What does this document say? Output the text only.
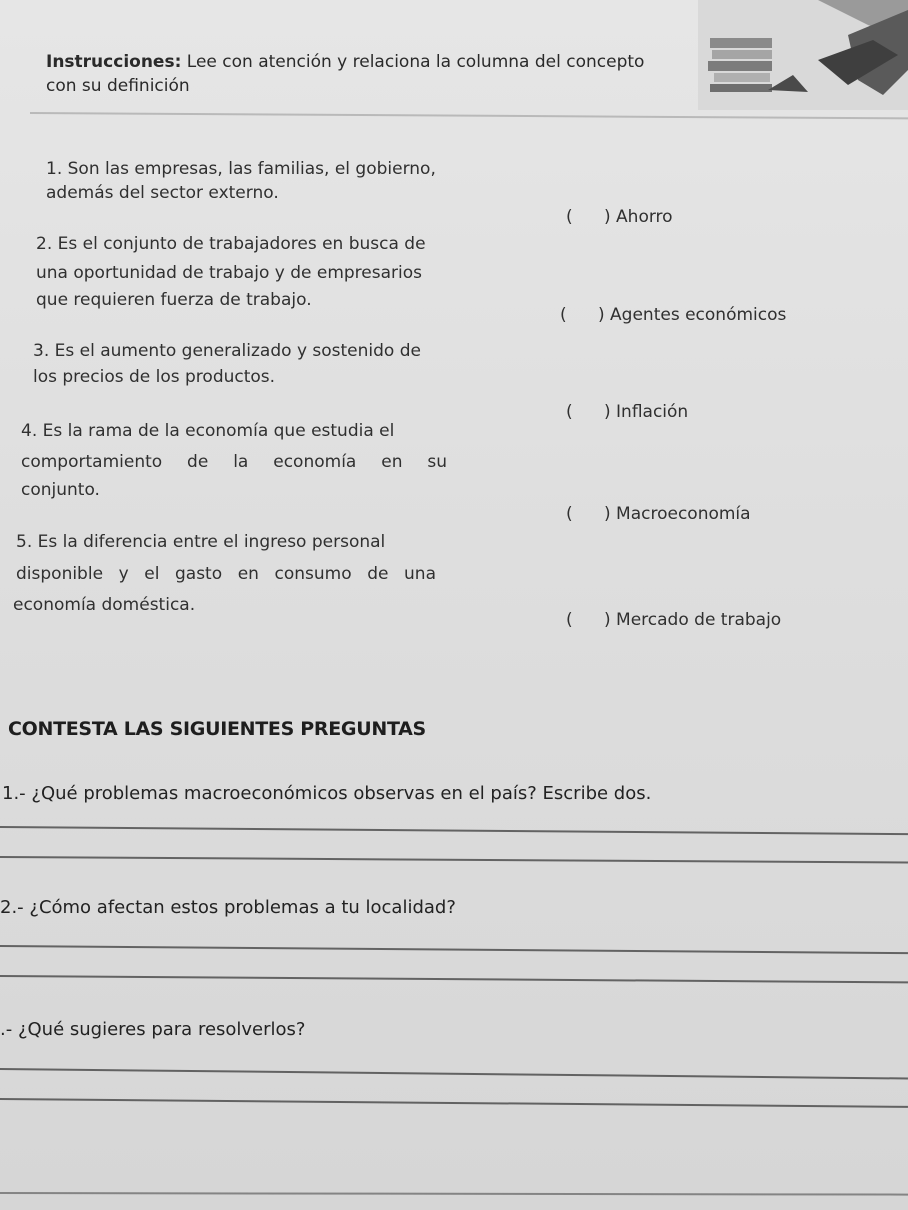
Instrucciones: Lee con atención y relaciona la columna del concepto
con su definición

1. Son las empresas, las familias, el gobierno,

además del sector externo.

2. Es el conjunto de trabajadores en busca de

una oportunidad de trabajo y de empresarios

que requieren fuerza de trabajo.

3. Es el aumento generalizado y sostenido de

los precios de los productos.

4. Es la rama de la economía que estudia el

comportamiento de la economía en su

conjunto.

5. Es la diferencia entre el ingreso personal

disponible y el gasto en consumo de una

economía doméstica.

( ) Ahorro

( ) Agentes económicos

( ) Inflación

( ) Macroeconomía

( ) Mercado de trabajo

CONTESTA LAS SIGUIENTES PREGUNTAS

1.- ¿Qué problemas macroeconómicos observas en el país? Escribe dos.

2.- ¿Cómo afectan estos problemas a tu localidad?

.- ¿Qué sugieres para resolverlos?
